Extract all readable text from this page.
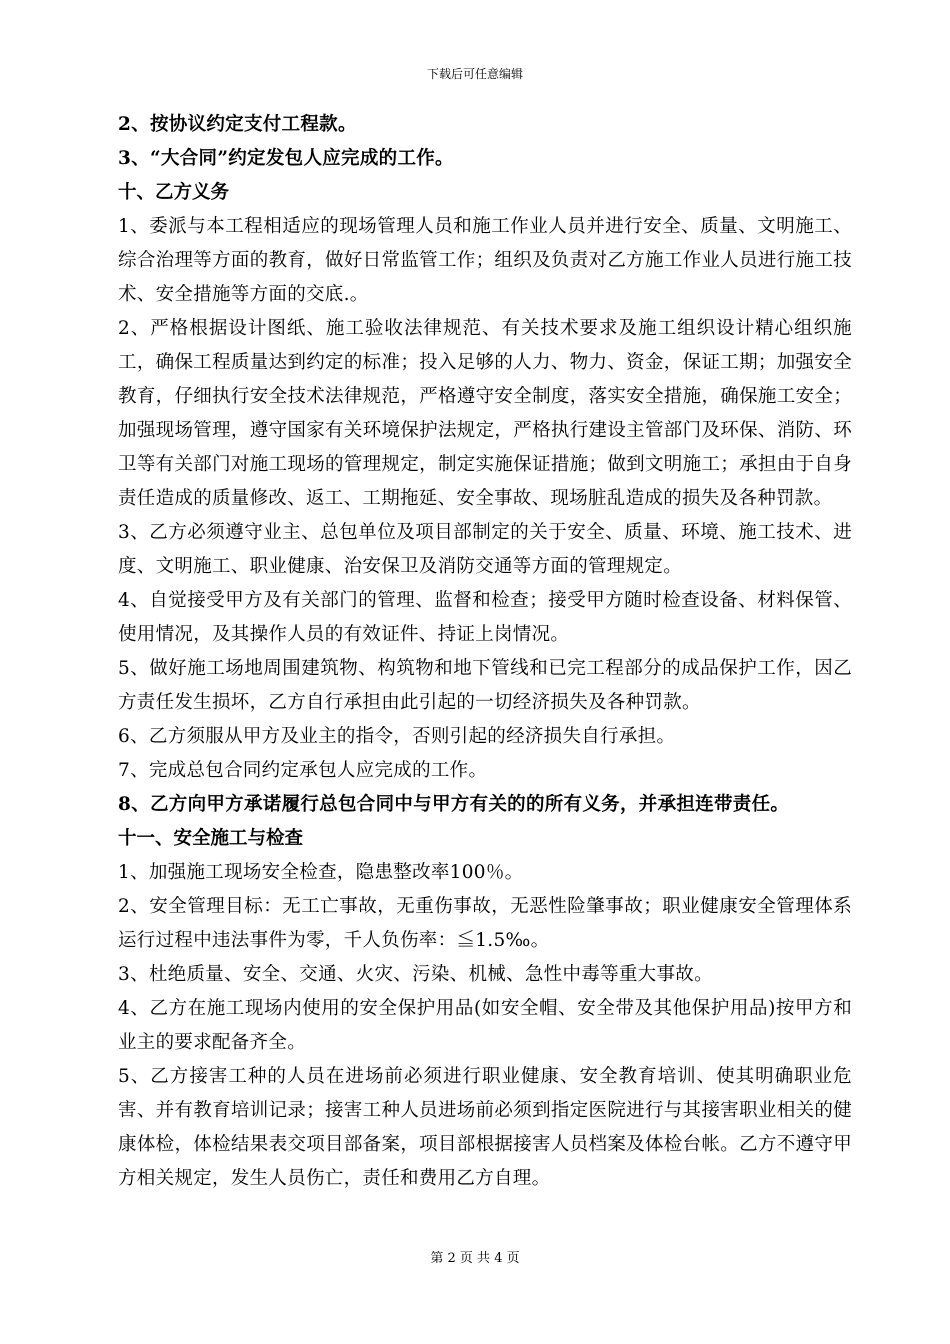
下载后可任意编辑

2、按协议约定支付工程款。

3、“大合同”约定发包人应完成的工作。

十、乙方义务

1、委派与本工程相适应的现场管理人员和施工作业人员并进行安全、质量、文明施工、综合治理等方面的教育，做好日常监管工作；组织及负责对乙方施工作业人员进行施工技术、安全措施等方面的交底.。

2、严格根据设计图纸、施工验收法律规范、有关技术要求及施工组织设计精心组织施工，确保工程质量达到约定的标准；投入足够的人力、物力、资金，保证工期；加强安全教育，仔细执行安全技术法律规范，严格遵守安全制度，落实安全措施，确保施工安全；加强现场管理，遵守国家有关环境保护法规定，严格执行建设主管部门及环保、消防、环卫等有关部门对施工现场的管理规定，制定实施保证措施；做到文明施工；承担由于自身责任造成的质量修改、返工、工期拖延、安全事故、现场脏乱造成的损失及各种罚款。

3、乙方必须遵守业主、总包单位及项目部制定的关于安全、质量、环境、施工技术、进度、文明施工、职业健康、治安保卫及消防交通等方面的管理规定。

4、自觉接受甲方及有关部门的管理、监督和检查；接受甲方随时检查设备、材料保管、使用情况，及其操作人员的有效证件、持证上岗情况。

5、做好施工场地周围建筑物、构筑物和地下管线和已完工程部分的成品保护工作，因乙方责任发生损坏，乙方自行承担由此引起的一切经济损失及各种罚款。

6、乙方须服从甲方及业主的指令，否则引起的经济损失自行承担。

7、完成总包合同约定承包人应完成的工作。

8、乙方向甲方承诺履行总包合同中与甲方有关的的所有义务，并承担连带责任。

十一、安全施工与检查

1、加强施工现场安全检查，隐患整改率100％。

2、安全管理目标：无工亡事故，无重伤事故，无恶性险肇事故；职业健康安全管理体系运行过程中违法事件为零，千人负伤率：≦1.5‰。

3、杜绝质量、安全、交通、火灾、污染、机械、急性中毒等重大事故。

4、乙方在施工现场内使用的安全保护用品(如安全帽、安全带及其他保护用品)按甲方和业主的要求配备齐全。

5、乙方接害工种的人员在进场前必须进行职业健康、安全教育培训、使其明确职业危害、并有教育培训记录；接害工种人员进场前必须到指定医院进行与其接害职业相关的健康体检，体检结果表交项目部备案，项目部根据接害人员档案及体检台帐。乙方不遵守甲方相关规定，发生人员伤亡，责任和费用乙方自理。

第 2 页 共 4 页
